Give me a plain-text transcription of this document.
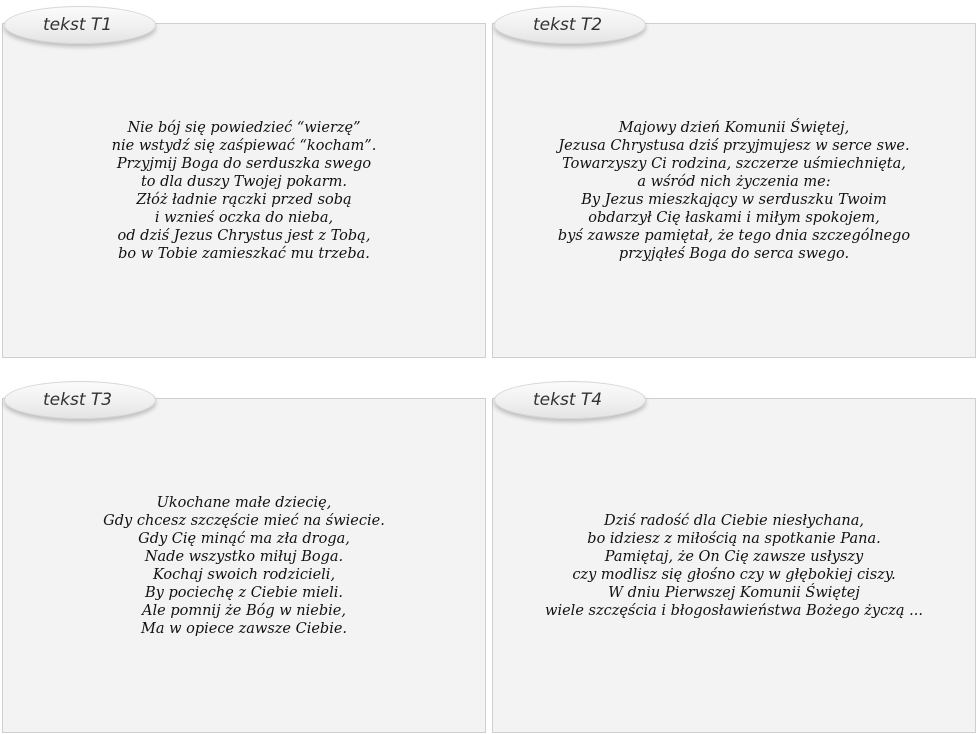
tekst T1
Nie bój się powiedzieć “wierzę”
nie wstydź się zaśpiewać “kocham”.
Przyjmij Boga do serduszka swego
to dla duszy Twojej pokarm.
Złóż ładnie rączki przed sobą
i wznieś oczka do nieba,
od dziś Jezus Chrystus jest z Tobą,
bo w Tobie zamieszkać mu trzeba.
tekst T2
Majowy dzień Komunii Świętej,
Jezusa Chrystusa dziś przyjmujesz w serce swe.
Towarzyszy Ci rodzina, szczerze uśmiechnięta,
a wśród nich życzenia me:
By Jezus mieszkający w serduszku Twoim
obdarzył Cię łaskami i miłym spokojem,
byś zawsze pamiętał, że tego dnia szczególnego
przyjąłeś Boga do serca swego.
tekst T3
Ukochane małe dziecię,
Gdy chcesz szczęście mieć na świecie.
Gdy Cię minąć ma zła droga,
Nade wszystko miłuj Boga.
Kochaj swoich rodzicieli,
By pociechę z Ciebie mieli.
Ale pomnij że Bóg w niebie,
Ma w opiece zawsze Ciebie.
tekst T4
Dziś radość dla Ciebie niesłychana,
bo idziesz z miłością na spotkanie Pana.
Pamiętaj, że On Cię zawsze usłyszy
czy modlisz się głośno czy w głębokiej ciszy.
W dniu Pierwszej Komunii Świętej
wiele szczęścia i błogosławieństwa Bożego życzą ...
